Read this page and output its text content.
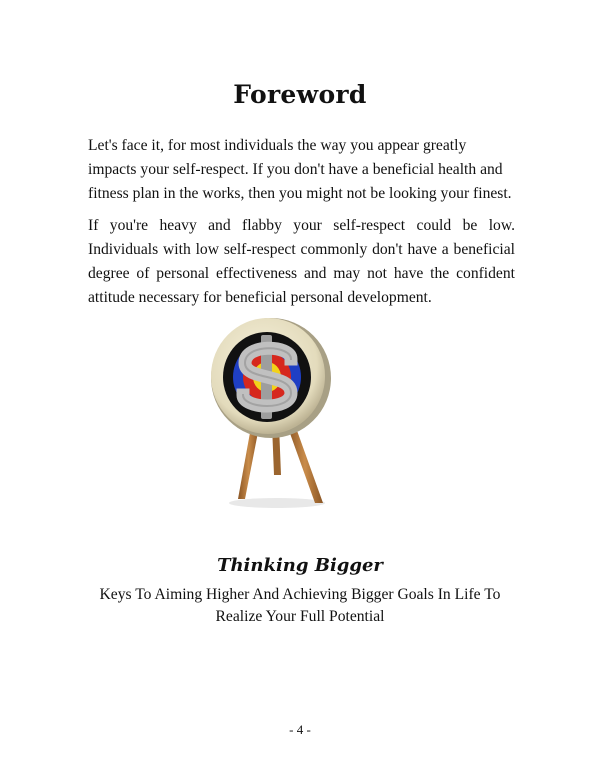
Foreword
Let's face it, for most individuals the way you appear greatly impacts your self-respect. If you don't have a beneficial health and fitness plan in the works, then you might not be looking your finest.
If you're heavy and flabby your self-respect could be low. Individuals with low self-respect commonly don't have a beneficial degree of personal effectiveness and may not have the confident attitude necessary for beneficial personal development.
Thinking Bigger
Keys To Aiming Higher And Achieving Bigger Goals In Life To Realize Your Full Potential
- 4 -
